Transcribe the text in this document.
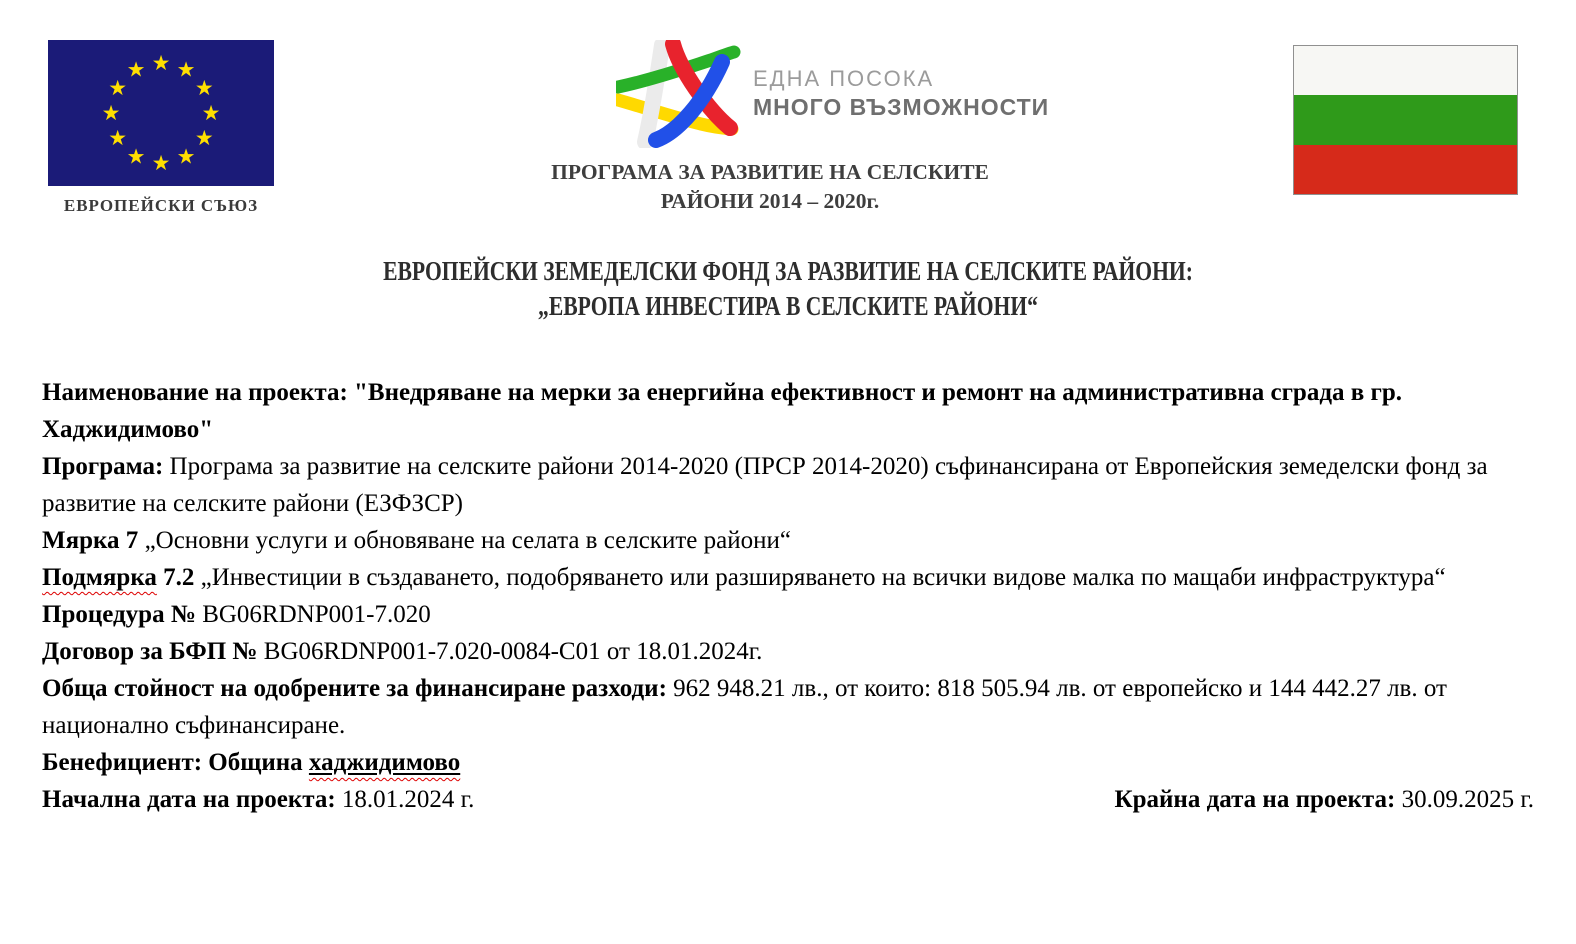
★ ★
★
★
★
★
★
★
★
★
★
★
ЕВРОПЕЙСКИ СЪЮЗ
ЕДНА ПОСОКА
МНОГО ВЪЗМОЖНОСТИ
ПРОГРАМА ЗА РАЗВИТИЕ НА СЕЛСКИТЕ
РАЙОНИ 2014 – 2020г.
ЕВРОПЕЙСКИ ЗЕМЕДЕЛСКИ ФОНД ЗА РАЗВИТИЕ НА СЕЛСКИТЕ РАЙОНИ:
„ЕВРОПА ИНВЕСТИРА В СЕЛСКИТЕ РАЙОНИ“

Наименование на проекта: "Внедряване на мерки за енергийна ефективност и ремонт на административна сграда в гр. Хаджидимово"

Програма: Програма за развитие на селските райони 2014-2020 (ПРСР 2014-2020) съфинансирана от Европейския земеделски фонд за развитие на селските райони (ЕЗФЗСР)

Мярка 7 „Основни услуги и обновяване на селата в селските райони“

Подмярка 7.2 „Инвестиции в създаването, подобряването или разширяването на всички видове малка по мащаби инфраструктура“

Процедура № BG06RDNP001-7.020

Договор за БФП № BG06RDNP001-7.020-0084-C01 от 18.01.2024г.

Обща стойност на одобрените за финансиране разходи: 962 948.21 лв., от които: 818 505.94 лв. от европейско и 144 442.27 лв. от национално съфинансиране.

Бенефициент: Община хаджидимово

Начална дата на проекта: 18.01.2024 г.	Крайна дата на проекта: 30.09.2025 г.
